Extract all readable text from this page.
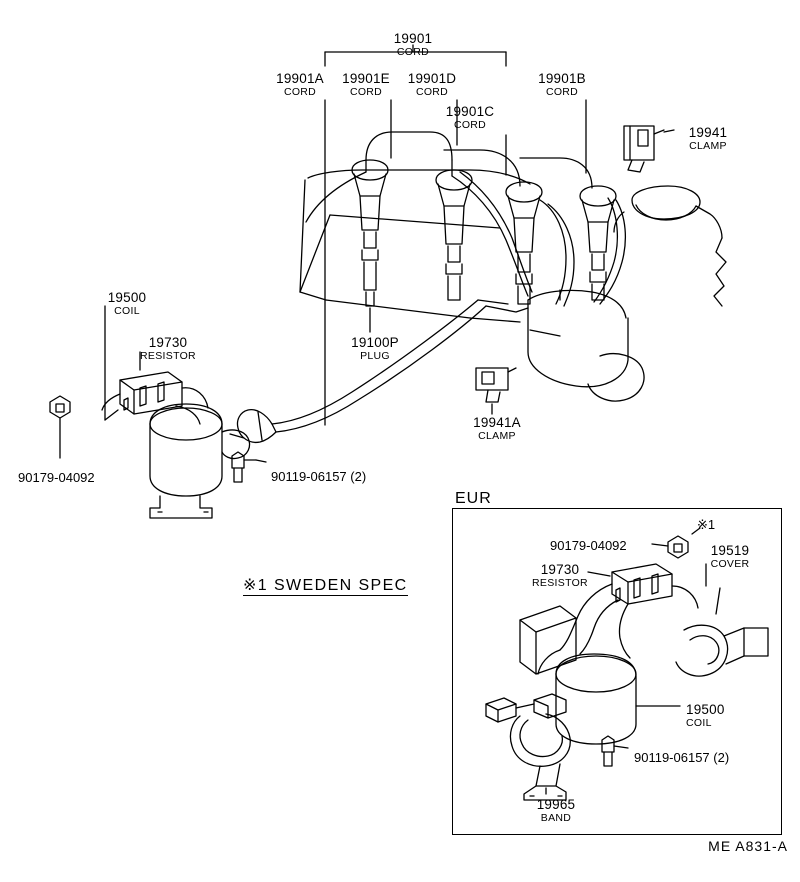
EUR
19901
CORD
19901A
CORD
19901E
CORD
19901D
CORD
19901B
CORD
19901C
CORD	19941
CLAMP
19100P
PLUG
19941A
CLAMP
19500
COIL
19730
RESISTOR
19500
COIL
19730
RESISTOR
19519
COVER
19965
BAND
90179-04092	90119-06157 (2)
90179-04092
90119-06157 (2)
※1
※1 SWEDEN SPEC
ME A831-A
